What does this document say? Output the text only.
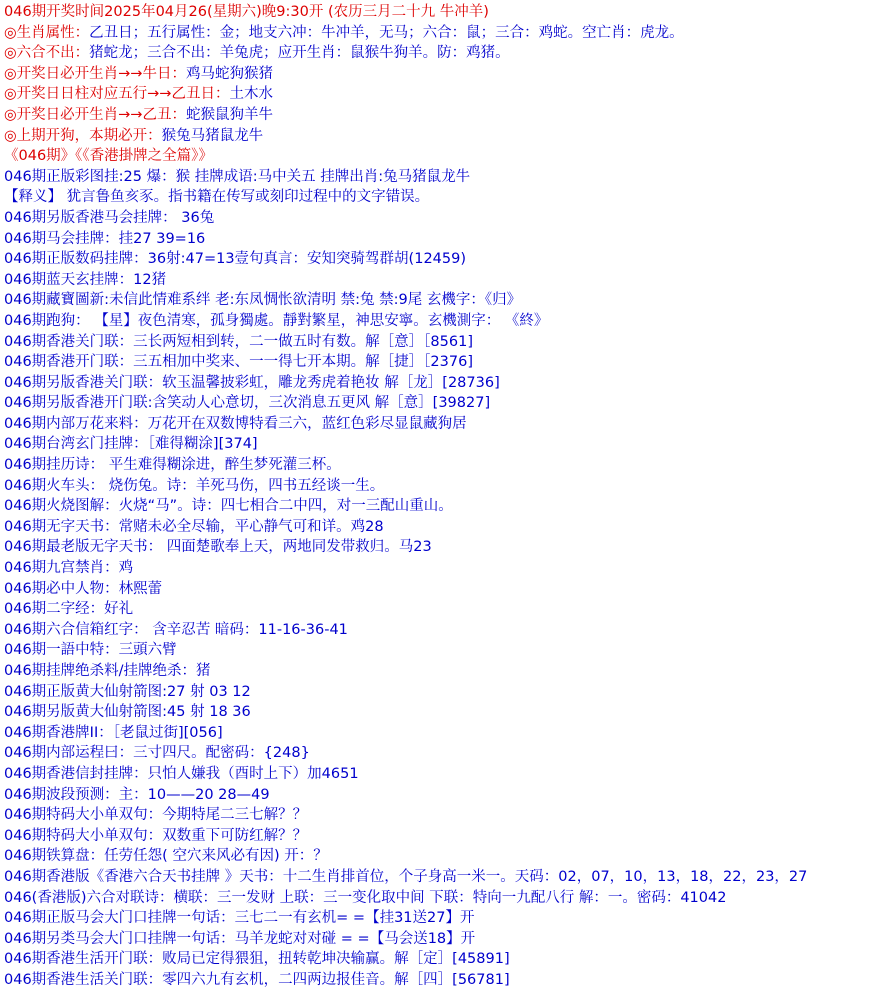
046期开奖时间2025年04月26(星期六)晚9:30开 (农历三月二十九 牛冲羊)
◎生肖属性：乙丑日；五行属性：金；地支六冲：牛冲羊，无马；六合：鼠；三合：鸡蛇。空亡肖：虎龙。
◎六合不出：猪蛇龙；三合不出：羊兔虎；应开生肖：鼠猴牛狗羊。防：鸡猪。
◎开奖日必开生肖→→牛日：鸡马蛇狗猴猪
◎开奖日日柱对应五行→→乙丑日：土木水
◎开奖日必开生肖→→乙丑：蛇猴鼠狗羊牛
◎上期开狗，本期必开：猴兔马猪鼠龙牛
《046期》《《香港掛牌之全篇》》
046期正版彩图挂:25 爆：猴 挂牌成语:马中关五 挂牌出肖:兔马猪鼠龙牛
【释义】 犹言鲁鱼亥豕。指书籍在传写或刻印过程中的文字错误。
046期另版香港马会挂牌： 36兔
046期马会挂牌：挂27 39=16
046期正版数码挂牌：36射:47=13壹句真言：安知突骑驾群胡(12459)
046期蓝天玄挂牌：12猪
046期藏寶圖新:未信此情难系绊 老:东凤惆怅欲清明 禁:兔 禁:9尾 玄機字：《归》
046期跑狗： 【星】夜色清寒，孤身獨處。靜對繁星，神思安寧。玄機測字： 《終》
046期香港关门联：三长两短相到转，二一做五时有数。解［意］［8561]
046期香港开门联：三五相加中奖来、一一得七开本期。解［捷］［2376]
046期另版香港关门联：软玉温馨披彩虹，雕龙秀虎着艳妆 解［龙］[28736]
046期另版香港开门联:含笑动人心意切，三次消息五更风 解［意］[39827]
046期内部万花来料：万花开在双数博特看三六，蓝红色彩尽显鼠藏狗居
046期台湾玄门挂牌：［难得糊涂][374]
046期挂历诗： 平生难得糊涂进，醉生梦死灌三杯。
046期火车头： 烧伤兔。诗：羊死马伤，四书五经谈一生。
046期火烧图解：火烧“马”。诗：四七相合二中四，对一三配山重山。
046期无字天书：常赌未必全尽输，平心静气可和详。鸡28
046期最老版无字天书： 四面楚歌奉上天，两地同发带救归。马23
046期九宫禁肖：鸡
046期必中人物：林熙蕾
046期二字经：好礼
046期六合信箱红字： 含辛忍苦 暗码：11-16-36-41
046期一語中特：三頭六臂
046期挂牌绝杀料/挂牌绝杀：猪
046期正版黄大仙射箭图:27 射 03 12
046期另版黄大仙射箭图:45 射 18 36
046期香港牌II：［老鼠过街][056]
046期内部运程曰：三寸四尺。配密码：{248}
046期香港信封挂牌：只怕人嫌我（酉时上下）加4651
046期波段预测：主：10——20 28—49
046期特码大小单双句：今期特尾二三七解？？
046期特码大小单双句：双数重下可防红解？？
046期铁算盘：任劳任怨( 空穴来风必有因) 开：？
046期香港版《香港六合天书挂牌 》天书：十二生肖排首位，个子身高一米一。天码：02，07，10，13，18，22，23，27
046(香港版)六合对联诗：横联：三一发财 上联：三一变化取中间 下联：特向一九配八行 解：一。密码：41042
046期正版马会大门口挂牌一句话：三七二一有玄机= =【挂31送27】开
046期另类马会大门口挂牌一句话：马羊龙蛇对对碰 = =【马会送18】开
046期香港生活开门联：败局已定得猥狙，扭转乾坤决输赢。解［定］[45891]
046期香港生活关门联：零四六九有玄机，二四两边报佳音。解［四］[56781]
